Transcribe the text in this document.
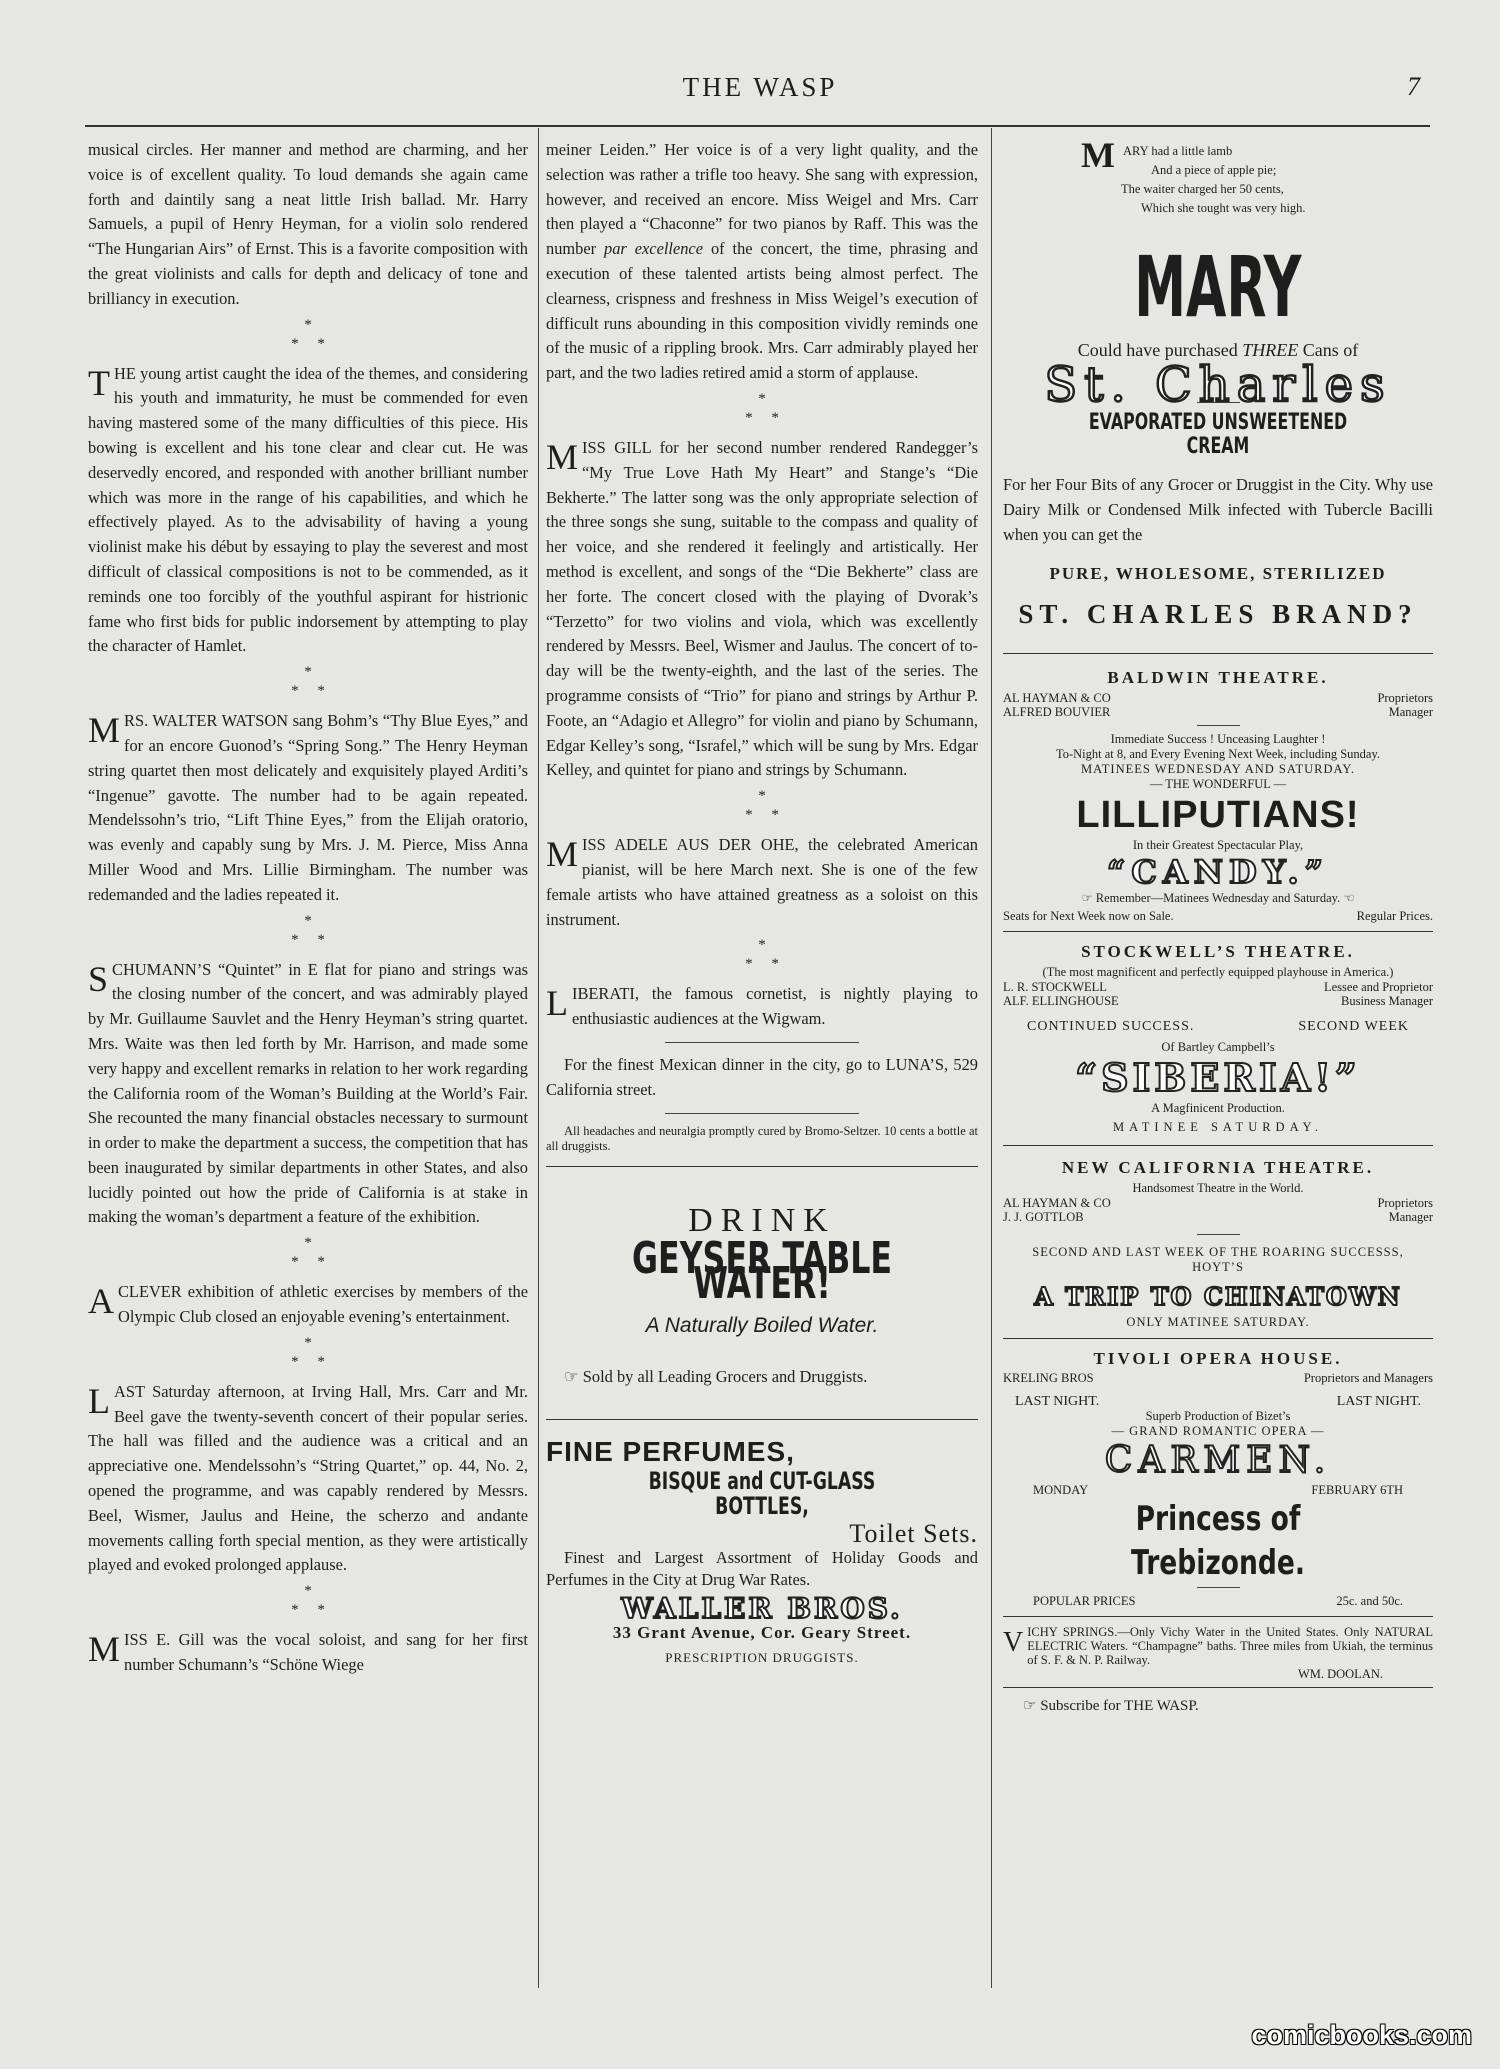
THE WASP	7

musical circles. Her manner and method are charming, and her voice is of excellent quality. To loud demands she again came forth and daintily sang a neat little Irish ballad. Mr. Harry Samuels, a pupil of Henry Heyman, for a violin solo rendered “The Hungarian Airs” of Ernst. This is a favorite composition with the great violinists and calls for depth and delicacy of tone and brilliancy in execution.

*
*     *

THE young artist caught the idea of the themes, and considering his youth and immaturity, he must be commended for even having mastered some of the many difficulties of this piece. His bowing is excellent and his tone clear and clear cut. He was deservedly encored, and responded with another brilliant number which was more in the range of his capabilities, and which he effectively played. As to the advisability of having a young violinist make his début by essaying to play the severest and most difficult of classical compositions is not to be commended, as it reminds one too forcibly of the youthful aspirant for histrionic fame who first bids for public indorsement by attempting to play the character of Hamlet.

*
*     *

MRS. WALTER WATSON sang Bohm’s “Thy Blue Eyes,” and for an encore Guonod’s “Spring Song.” The Henry Heyman string quartet then most delicately and exquisitely played Arditi’s “Ingenue” gavotte. The number had to be again repeated. Mendelssohn’s trio, “Lift Thine Eyes,” from the Elijah oratorio, was evenly and capably sung by Mrs. J. M. Pierce, Miss Anna Miller Wood and Mrs. Lillie Birmingham. The number was redemanded and the ladies repeated it.

*
*     *

SCHUMANN’S “Quintet” in E flat for piano and strings was the closing number of the concert, and was admirably played by Mr. Guillaume Sauvlet and the Henry Heyman’s string quartet. Mrs. Waite was then led forth by Mr. Harrison, and made some very happy and excellent remarks in relation to her work regarding the California room of the Woman’s Building at the World’s Fair. She recounted the many financial obstacles necessary to surmount in order to make the department a success, the competition that has been inaugurated by similar departments in other States, and also lucidly pointed out how the pride of California is at stake in making the woman’s department a feature of the exhibition.

*
*     *

ACLEVER exhibition of athletic exercises by members of the Olympic Club closed an enjoyable evening’s entertainment.

*
*     *

LAST Saturday afternoon, at Irving Hall, Mrs. Carr and Mr. Beel gave the twenty-seventh concert of their popular series. The hall was filled and the audience was a critical and an appreciative one. Mendelssohn’s “String Quartet,” op. 44, No. 2, opened the programme, and was capably rendered by Messrs. Beel, Wismer, Jaulus and Heine, the scherzo and andante movements calling forth special mention, as they were artistically played and evoked prolonged applause.

*
*     *

MISS E. Gill was the vocal soloist, and sang for her first number Schumann’s “Schöne Wiege

meiner Leiden.” Her voice is of a very light quality, and the selection was rather a trifle too heavy. She sang with expression, however, and received an encore. Miss Weigel and Mrs. Carr then played a “Chaconne” for two pianos by Raff. This was the number par excellence of the concert, the time, phrasing and execution of these talented artists being almost perfect. The clearness, crispness and freshness in Miss Weigel’s execution of difficult runs abounding in this composition vividly reminds one of the music of a rippling brook. Mrs. Carr admirably played her part, and the two ladies retired amid a storm of applause.

*
*     *

MISS GILL for her second number rendered Randegger’s “My True Love Hath My Heart” and Stange’s “Die Bekherte.” The latter song was the only appropriate selection of the three songs she sung, suitable to the compass and quality of her voice, and she rendered it feelingly and artistically. Her method is excellent, and songs of the “Die Bekherte” class are her forte. The concert closed with the playing of Dvorak’s “Terzetto” for two violins and viola, which was excellently rendered by Messrs. Beel, Wismer and Jaulus. The concert of to-day will be the twenty-eighth, and the last of the series. The programme consists of “Trio” for piano and strings by Arthur P. Foote, an “Adagio et Allegro” for violin and piano by Schumann, Edgar Kelley’s song, “Israfel,” which will be sung by Mrs. Edgar Kelley, and quintet for piano and strings by Schumann.

*
*     *

MISS ADELE AUS DER OHE, the celebrated American pianist, will be here March next. She is one of the few female artists who have attained greatness as a soloist on this instrument.

*
*     *

LIBERATI, the famous cornetist, is nightly playing to enthusiastic audiences at the Wigwam.

For the finest Mexican dinner in the city, go to LUNA’S, 529 California street.

All headaches and neuralgia promptly cured by Bromo-Seltzer. 10 cents a bottle at all druggists.

DRINK
GEYSER TABLE WATER!
A Naturally Boiled Water.

☞ Sold by all Leading Grocers and Druggists.

FINE PERFUMES,
BISQUE and CUT-GLASS BOTTLES,
Toilet Sets.

Finest and Largest Assortment of Holiday Goods and Perfumes in the City at Drug War Rates.

WALLER BROS.
33 Grant Avenue, Cor. Geary Street.
PRESCRIPTION DRUGGISTS.
M ARY had a little lamb
And a piece of apple pie;
The waiter charged her 50 cents,
Which she tought was very high.
MARY
Could have purchased THREE Cans of
St. Charles
EVAPORATED UNSWEETENED CREAM

For her Four Bits of any Grocer or Druggist in the City. Why use Dairy Milk or Condensed Milk infected with Tubercle Bacilli when you can get the

PURE, WHOLESOME, STERILIZED
ST. CHARLES BRAND?
BALDWIN THEATRE.
AL HAYMAN & CO	Proprietors
ALFRED BOUVIER	Manager
Immediate Success ! Unceasing Laughter !
To-Night at 8, and Every Evening Next Week, including Sunday.
MATINEES WEDNESDAY AND SATURDAY.
— THE WONDERFUL —
LILLIPUTIANS!
In their Greatest Spectacular Play,
“CANDY.”
☞ Remember—Matinees Wednesday and Saturday. ☜
Seats for Next Week now on Sale.	Regular Prices.
STOCKWELL’S THEATRE.
(The most magnificent and perfectly equipped playhouse in America.)
L. R. STOCKWELL	Lessee and Proprietor
ALF. ELLINGHOUSE	Business Manager
CONTINUED SUCCESS.	SECOND WEEK
Of Bartley Campbell’s
“SIBERIA!”
A Magfinicent Production.
MATINEE SATURDAY.
NEW CALIFORNIA THEATRE.
Handsomest Theatre in the World.
AL HAYMAN & CO	Proprietors
J. J. GOTTLOB	Manager
SECOND AND LAST WEEK OF THE ROARING SUCCESSS, HOYT’S
A TRIP TO CHINATOWN
ONLY MATINEE SATURDAY.
TIVOLI OPERA HOUSE.
KRELING BROS	Proprietors and Managers
LAST NIGHT.	LAST NIGHT.
Superb Production of Bizet’s
— GRAND ROMANTIC OPERA —
CARMEN.
MONDAY	FEBRUARY 6TH
Princess of Trebizonde.
POPULAR PRICES	25c. and 50c.
VICHY SPRINGS.—Only Vichy Water in the United States. Only NATURAL ELECTRIC Waters. “Champagne” baths. Three miles from Ukiah, the terminus of S. F. & N. P. Railway.
WM. DOOLAN.
☞ Subscribe for THE WASP.
comicbooks.com
